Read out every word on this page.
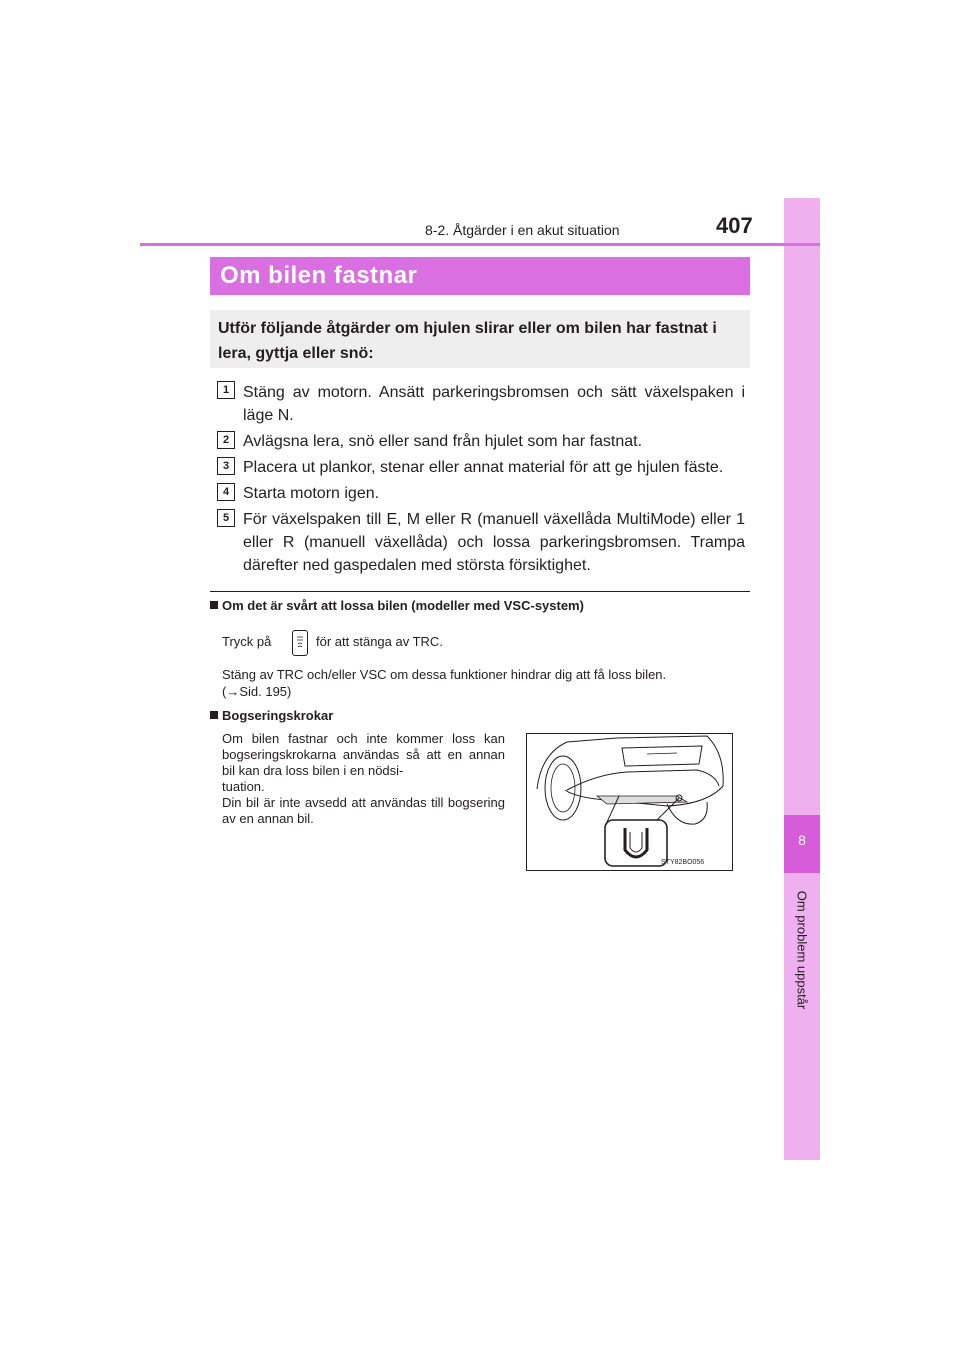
8
Om problem uppstår
8-2. Åtgärder i en akut situation	407
Om bilen fastnar
Utför följande åtgärder om hjulen slirar eller om bilen har fastnat i lera, gyttja eller snö:
1 Stäng av motorn. Ansätt parkeringsbromsen och sätt växelspaken i läge N.
2 Avlägsna lera, snö eller sand från hjulet som har fastnat.
3 Placera ut plankor, stenar eller annat material för att ge hjulen fäste.
4 Starta motorn igen.
5 För växelspaken till E, M eller R (manuell växellåda MultiMode) eller 1 eller R (manuell växellåda) och lossa parkeringsbromsen. Trampa därefter ned gaspedalen med största försiktighet.
Om det är svårt att lossa bilen (modeller med VSC-system)
Tryck på	för att stänga av TRC.
Stäng av TRC och/eller VSC om dessa funktioner hindrar dig att få loss bilen.
(→Sid. 195)
Bogseringskrokar
Om bilen fastnar och inte kommer loss kan bogseringskrokarna användas så att en annan bil kan dra loss bilen i en nödsi-
tuation.
Din bil är inte avsedd att användas till bogsering av en annan bil.
STY82BO056
